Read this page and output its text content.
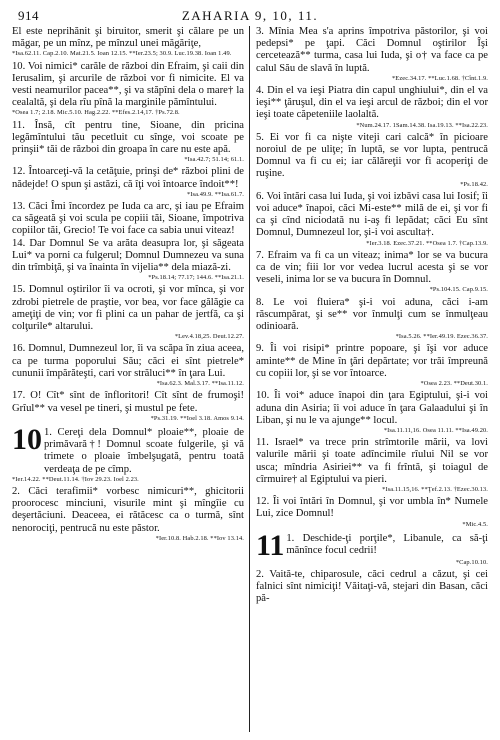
914	ZAHARIA 9, 10, 11.

El este neprihănit şi biruitor, smerit şi călare pe un măgar, pe un mînz, pe mînzul unei măgăriţe,

*Isa.62.11. Cap.2.10. Mat.21.5. Ioan 12.15. **Ier.23.5; 30.9. Luc.19.38. Ioan 1.49.

10. Voi nimici* carăle de război din Efraim, şi caii din Ierusalim, şi arcurile de război vor fi nimicite. El va vesti neamurilor pacea**, şi va stăpîni dela o mare† la cealaltă, şi dela rîu pînă la marginile pămîntului.

*Osea 1.7; 2.18. Mic.5.10. Hag.2.22. **Efes.2.14,17. †Ps.72.8.

11. Însă, cît pentru tine, Sioane, din pricina legămîntului tău pecetluit cu sînge, voi scoate pe prinşii* tăi de război din groapa în care nu este apă.

*Isa.42.7; 51.14; 61.1.

12. Întoarceţi-vă la cetăţuie, prinşi de* război plini de nădejde! O spun şi astăzi, că îţi voi întoarce îndoit**!

*Isa.49.9. **Isa.61.7.

13. Căci Îmi încordez pe Iuda ca arc, şi iau pe Efraim ca săgeată şi voi scula pe copiii tăi, Sioane, împotriva copiilor tăi, Grecio! Te voi face ca sabia unui viteaz!

14. Dar Domnul Se va arăta deasupra lor, şi săgeata Lui* va porni ca fulgerul; Domnul Dumnezeu va suna din trîmbiţă, şi va înainta în vijelia** dela miază-zi.

*Ps.18.14; 77.17; 144.6. **Isa.21.1.

15. Domnul oştirilor îi va ocroti, şi vor mînca, şi vor zdrobi pietrele de praştie, vor bea, vor face gălăgie ca ameţiţi de vin; vor fi plini ca un pahar de jertfă, ca şi colţurile* altarului.

*Lev.4.18,25. Deut.12.27.

16. Domnul, Dumnezeul lor, îi va scăpa în ziua aceea, ca pe turma poporului Său; căci ei sînt pietrele* cununii împărăteşti, cari vor străluci** în ţara Lui.

*Isa.62.3. Mal.3.17. **Isa.11.12.

17. O! Cît* sînt de înfloritori! Cît sînt de frumoşi! Grîul** va vesel pe tineri, şi mustul pe fete.

*Ps.31.19. **Ioel 3.18. Amos 9.14.

10 1. Cereţi dela Domnul* ploaie**, ploaie de primăvară†! Domnul scoate fulgerile, şi vă trimete o ploaie îmbelşugată, pentru toată verdeaţa de pe cîmp.

*Ier.14.22. **Deut.11.14. †Iov 29.23. Ioel 2.23.

2. Căci terafimii* vorbesc nimicuri**, ghicitorii proorocesc minciuni, visurile mint şi mîngîie cu deşertăciuni. Deaceea, ei rătăcesc ca o turmă, sînt nenorociţi, pentrucă nu este păstor.

*Ier.10.8. Hab.2.18. **Iov 13.14.

3. Mînia Mea s'a aprins împotriva păstorilor, şi voi pedepsi* pe ţapi. Căci Domnul oştirilor Îşi cercetează** turma, casa lui Iuda, şi o† va face ca pe calul Său de slavă în luptă.

*Ezec.34.17. **Luc.1.68. †Cînt.1.9.

4. Din el va ieşi Piatra din capul unghiului*, din el va ieşi** ţăruşul, din el va ieşi arcul de război; din el vor ieşi toate căpeteniile laolaltă.

*Num.24.17. 1Sam.14.38. Isa.19.13. **Isa.22.23.

5. Ei vor fi ca nişte viteji cari calcă* în picioare noroiul de pe uliţe; în luptă, se vor lupta, pentrucă Domnul va fi cu ei; iar călăreţii vor fi acoperiţi de ruşine.

*Ps.18.42.

6. Voi întări casa lui Iuda, şi voi izbăvi casa lui Iosif; îi voi aduce* înapoi, căci Mi-este** milă de ei, şi vor fi ca şi cînd niciodată nu i-aş fi lepădat; căci Eu sînt Domnul, Dumnezeul lor, şi-i voi asculta†.

*Ier.3.18. Ezec.37.21. **Osea 1.7. †Cap.13.9.

7. Efraim va fi ca un viteaz; inima* lor se va bucura ca de vin; fiii lor vor vedea lucrul acesta şi se vor veseli, inima lor se va bucura în Domnul.

*Ps.104.15. Cap.9.15.

8. Le voi fluiera* şi-i voi aduna, căci i-am răscumpărat, şi se** vor înmulţi cum se înmulţeau odinioară.

*Isa.5.26. **Ier.49.19. Ezec.36.37.

9. Îi voi risipi* printre popoare, şi îşi vor aduce aminte** de Mine în ţări depărtate; vor trăi împreună cu copiii lor, şi se vor întoarce.

*Osea 2.23. **Deut.30.1.

10. Îi voi* aduce înapoi din ţara Egiptului, şi-i voi aduna din Asiria; îi voi aduce în ţara Galaadului şi în Liban, şi nu le va ajunge** locul.

*Isa.11.11,16. Osea 11.11. **Isa.49.20.

11. Israel* va trece prin strîmtorile mării, va lovi valurile mării şi toate adîncimile rîului Nil se vor usca; mîndria Asiriei** va fi frîntă, şi toiagul de cîrmuire† al Egiptului va pieri.

*Isa.11.15,16. **Ţef.2.13. †Ezec.30.13.

12. Îi voi întări în Domnul, şi vor umbla în* Numele Lui, zice Domnul!

*Mic.4.5.

11 1. Deschide-ţi porţile*, Libanule, ca să-ţi mănînce focul cedrii!

*Cap.10.10.

2. Vaită-te, chiparosule, căci cedrul a căzut, şi cei falnici sînt nimiciţi! Văitaţi-vă, stejari din Basan, căci pă-
